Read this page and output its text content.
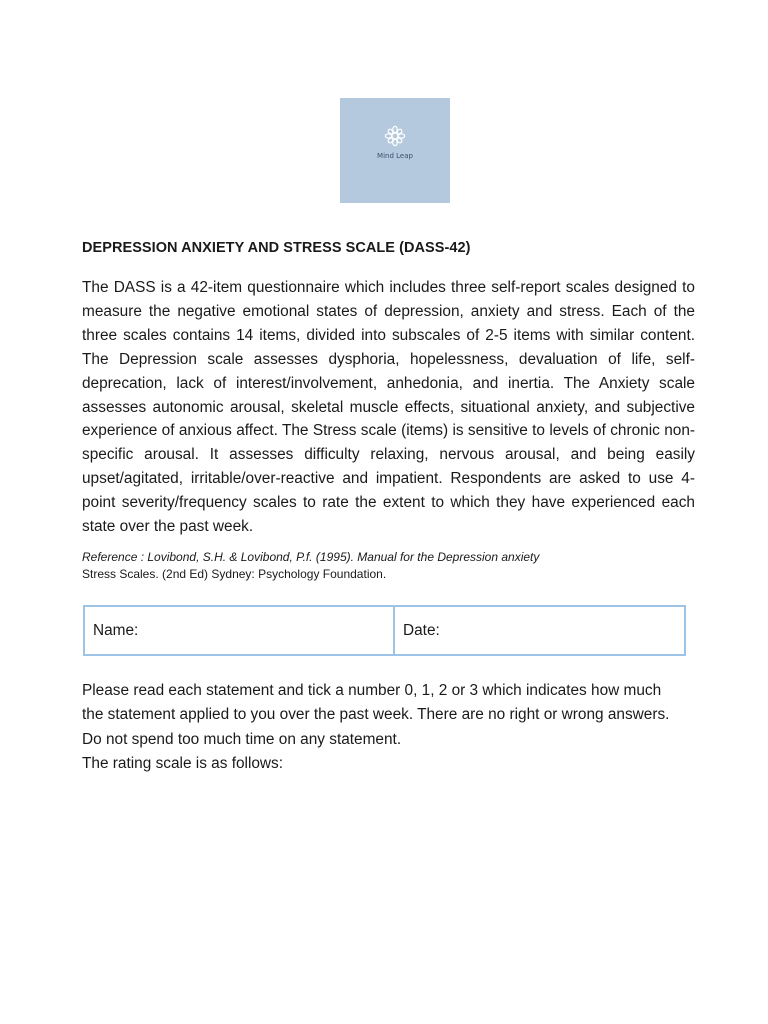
Mind Leap
DEPRESSION ANXIETY AND STRESS SCALE (DASS-42)

The DASS is a 42-item questionnaire which includes three self-report scales designed to measure the negative emotional states of depression, anxiety and stress. Each of the three scales contains 14 items, divided into subscales of 2-5 items with similar content. The Depression scale assesses dysphoria, hopelessness, devaluation of life, self-deprecation, lack of interest/involvement, anhedonia, and inertia. The Anxiety scale assesses autonomic arousal, skeletal muscle effects, situational anxiety, and subjective experience of anxious affect. The Stress scale (items) is sensitive to levels of chronic non-specific arousal. It assesses difficulty relaxing, nervous arousal, and being easily upset/agitated, irritable/over-reactive and impatient. Respondents are asked to use 4-point severity/frequency scales to rate the extent to which they have experienced each state over the past week.

Reference : Lovibond, S.H. & Lovibond, P.f. (1995). Manual for the Depression anxiety
Stress Scales. (2nd Ed) Sydney: Psychology Foundation.

Name:	Date:

Please read each statement and tick a number 0, 1, 2 or 3 which indicates how much the statement applied to you over the past week. There are no right or wrong answers. Do not spend too much time on any statement.
The rating scale is as follows:
